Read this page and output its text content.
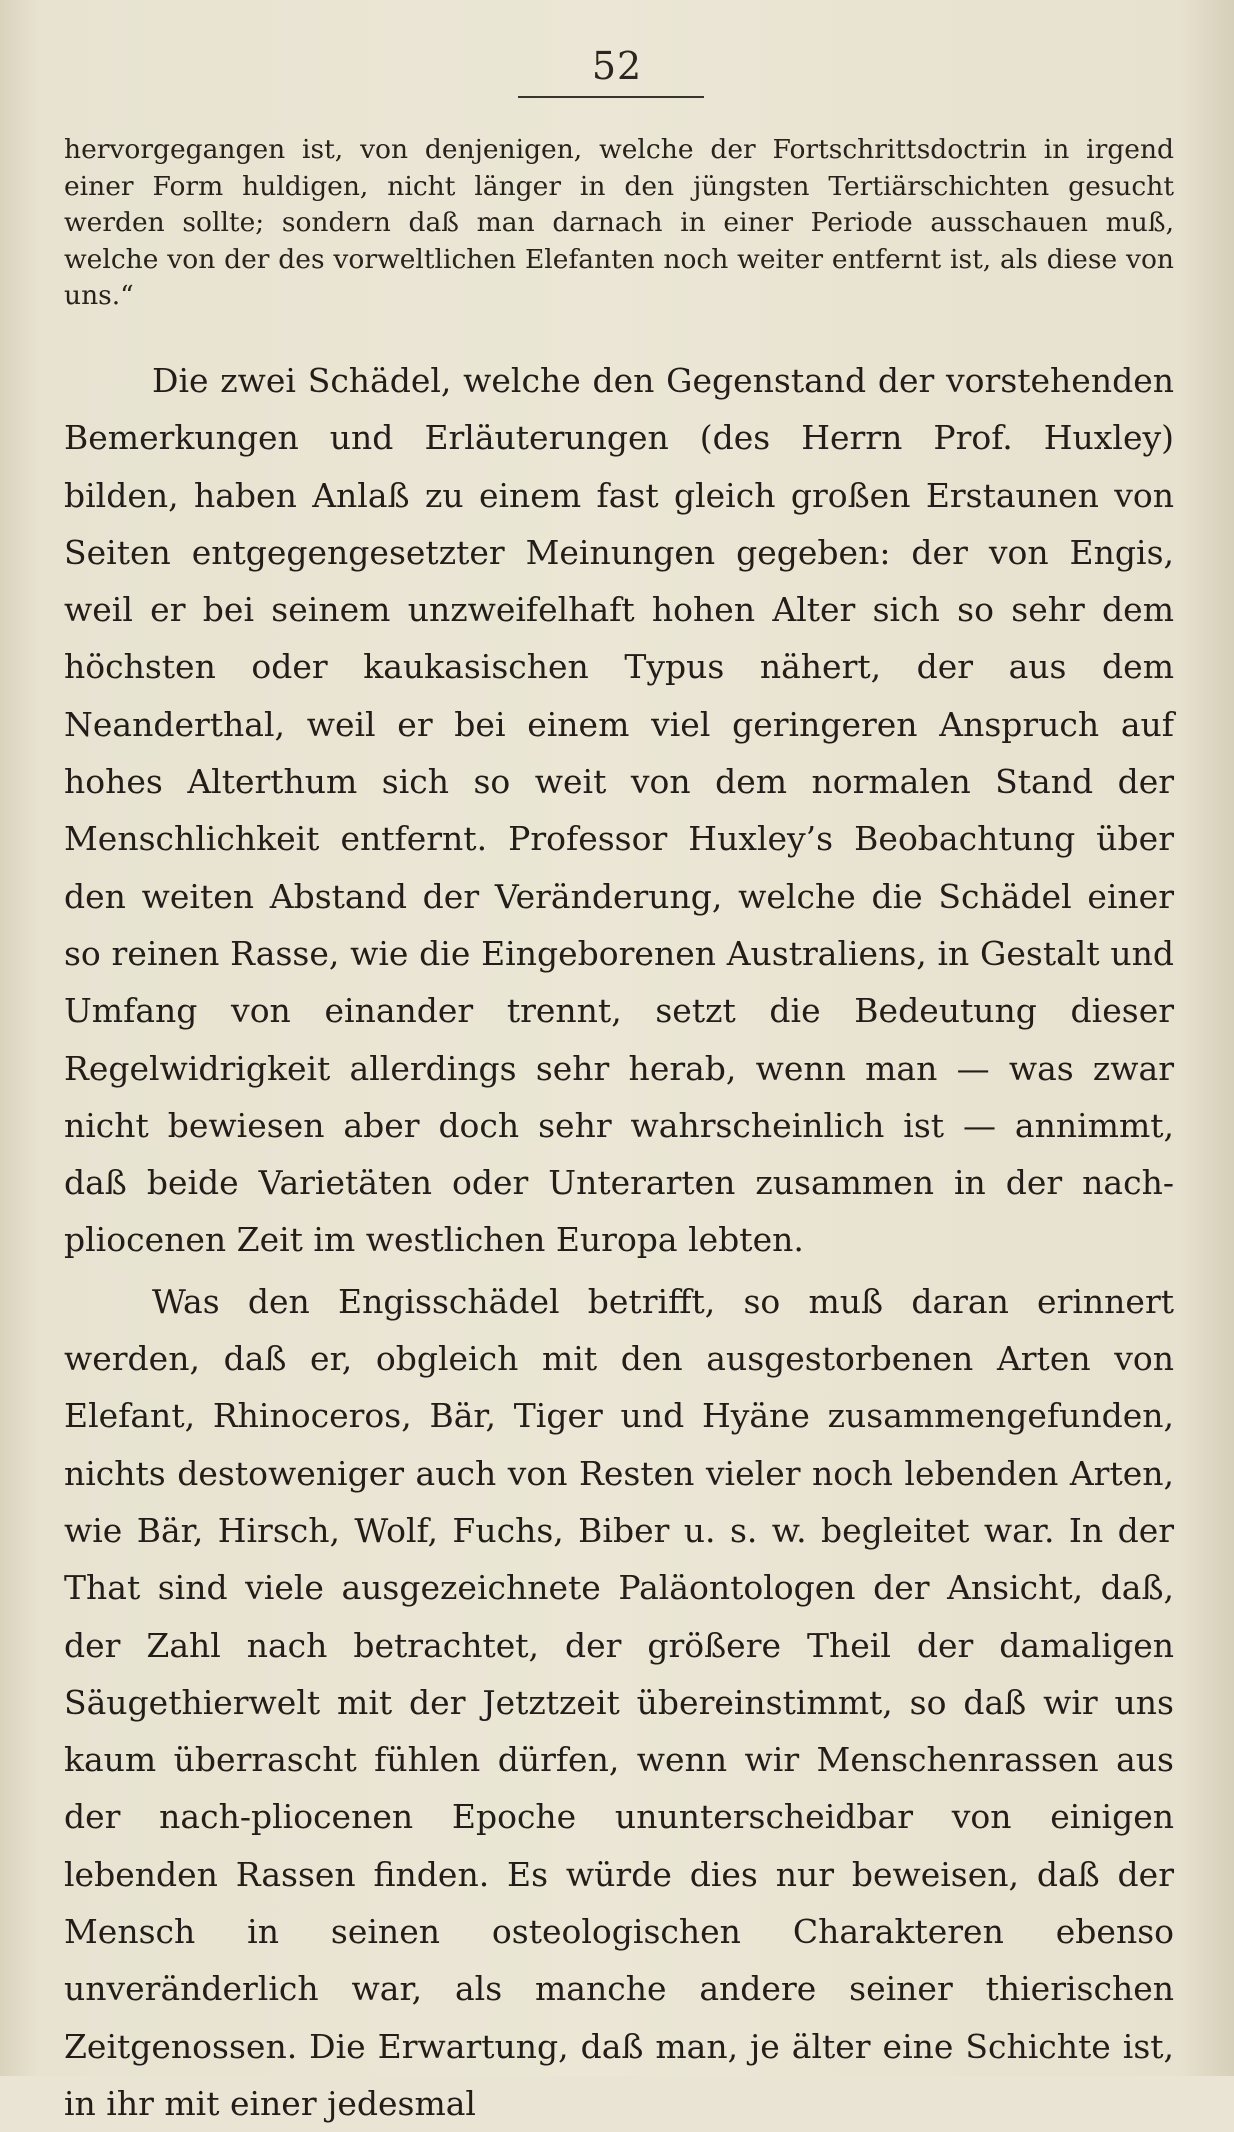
52

hervorgegangen ist, von denjenigen, welche der Fortschrittsdoctrin in irgend einer Form huldigen, nicht länger in den jüngsten Tertiärschichten gesucht werden sollte; sondern daß man darnach in einer Periode ausschauen muß, welche von der des vorweltlichen Elefanten noch weiter entfernt ist, als diese von uns.“

Die zwei Schädel, welche den Gegenstand der vorstehenden Bemerkungen und Erläuterungen (des Herrn Prof. Huxley) bilden, haben Anlaß zu einem fast gleich großen Erstaunen von Seiten entgegengesetzter Meinungen gegeben: der von Engis, weil er bei seinem unzweifelhaft hohen Alter sich so sehr dem höchsten oder kaukasischen Typus nähert, der aus dem Neanderthal, weil er bei einem viel geringeren Anspruch auf hohes Alterthum sich so weit von dem normalen Stand der Menschlichkeit entfernt. Professor Huxley’s Beobachtung über den weiten Abstand der Veränderung, welche die Schädel einer so reinen Rasse, wie die Eingeborenen Australiens, in Gestalt und Umfang von einander trennt, setzt die Bedeutung dieser Regelwidrigkeit allerdings sehr herab, wenn man — was zwar nicht bewiesen aber doch sehr wahrscheinlich ist — annimmt, daß beide Varietäten oder Unterarten zusammen in der nach-pliocenen Zeit im westlichen Europa lebten.

Was den Engisschädel betrifft, so muß daran erinnert werden, daß er, obgleich mit den ausgestorbenen Arten von Elefant, Rhinoceros, Bär, Tiger und Hyäne zusammengefunden, nichts destoweniger auch von Resten vieler noch lebenden Arten, wie Bär, Hirsch, Wolf, Fuchs, Biber u. s. w. begleitet war. In der That sind viele ausgezeichnete Paläontologen der Ansicht, daß, der Zahl nach betrachtet, der größere Theil der damaligen Säugethierwelt mit der Jetztzeit übereinstimmt, so daß wir uns kaum überrascht fühlen dürfen, wenn wir Menschenrassen aus der nach-pliocenen Epoche ununterscheidbar von einigen lebenden Rassen finden. Es würde dies nur beweisen, daß der Mensch in seinen osteologischen Charakteren ebenso unveränderlich war, als manche andere seiner thierischen Zeitgenossen. Die Erwartung, daß man, je älter eine Schichte ist, in ihr mit einer jedesmal
